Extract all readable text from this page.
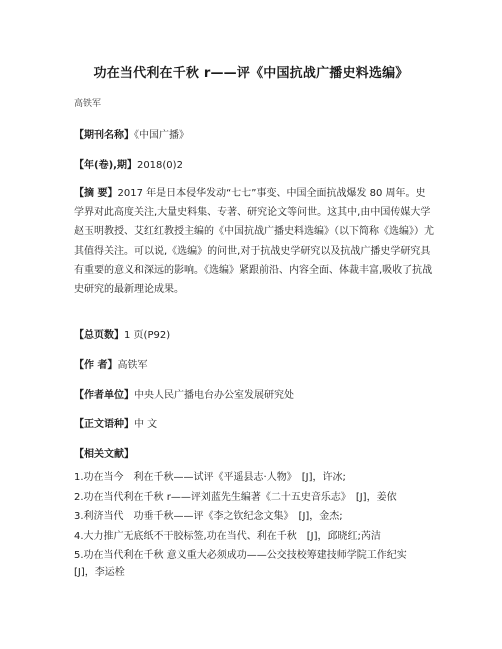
功在当代利在千秋 r——评《中国抗战广播史料选编》
高铁军
【期刊名称】《中国广播》
【年(卷),期】2018(0)2
【摘 要】2017 年是日本侵华发动“七七”事变、中国全面抗战爆发 80 周年。史学界对此高度关注,大量史料集、专著、研究论文等问世。这其中,由中国传媒大学赵玉明教授、艾红红教授主编的《中国抗战广播史料选编》（以下简称《选编》）尤其值得关注。可以说,《选编》的问世,对于抗战史学研究以及抗战广播史学研究具有重要的意义和深远的影响。《选编》紧跟前沿、内容全面、体裁丰富,吸收了抗战史研究的最新理论成果。
【总页数】1 页(P92)
【作 者】高铁军
【作者单位】中央人民广播电台办公室发展研究处
【正文语种】中 文
【相关文献】
1.功在当今　利在千秋——试评《平遥县志·人物》　[J]，许冰;
2.功在当代利在千秋 r——评刘蓝先生编著《二十五史音乐志》　[J]，姜依
3.利济当代　功垂千秋——评《李之钦纪念文集》　[J]，金杰;
4.大力推广无底纸不干胶标签,功在当代、利在千秋　[J]，邱晓红;芮洁
5.功在当代利在千秋 意义重大必须成功——公交技校筹建技师学院工作纪实　[J]，李运栓
